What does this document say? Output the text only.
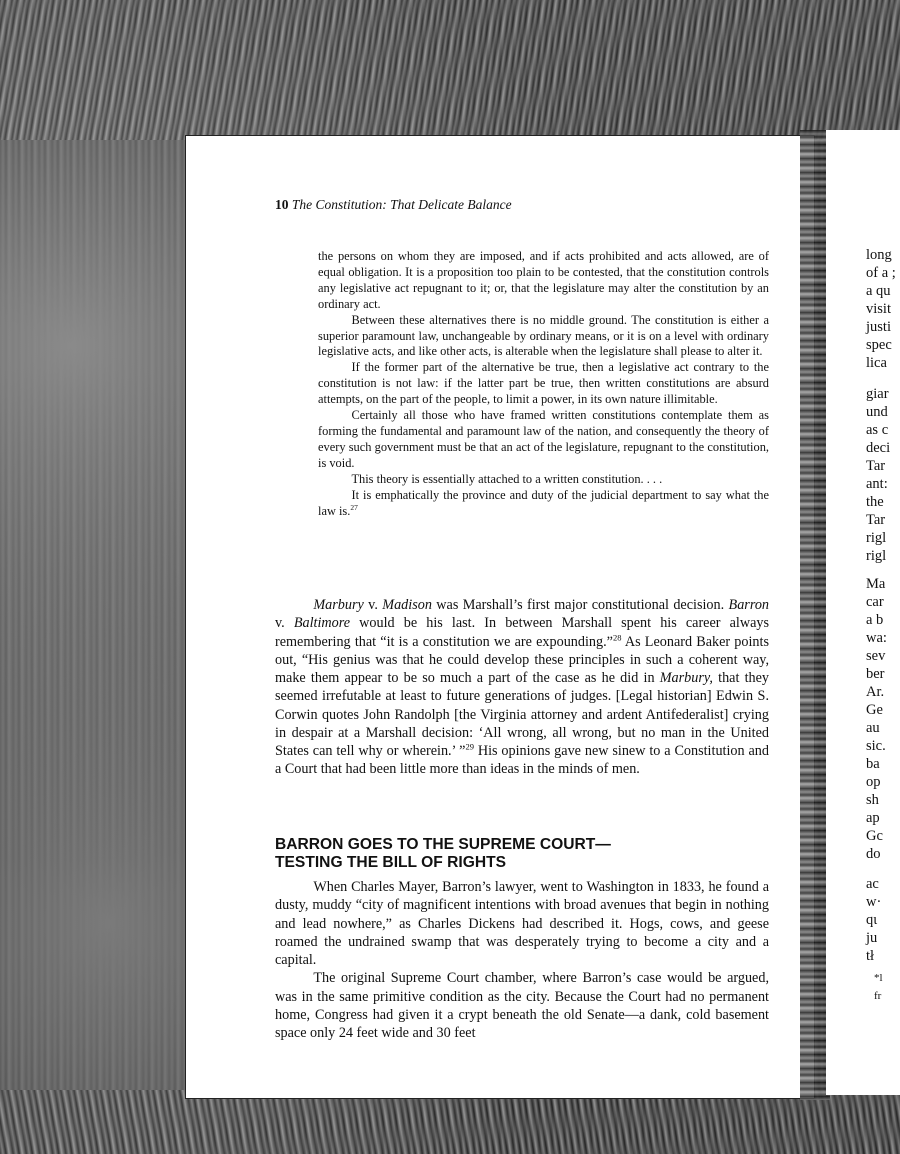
long
of a ;
a qu
visit
justi
spec
lica
giar
und
as c
deci
Tar
ant:
the
Tar
rigl
rigl
Ma
car
a b
wa:
sev
ber
Ar.
Ge
au
sic.
ba
op
sh
ap
Gc
do
ac
w·
qι
ju
tł
*l
fr
10 The Constitution: That Delicate Balance

the persons on whom they are imposed, and if acts prohibited and acts allowed, are of equal obligation. It is a proposition too plain to be contested, that the constitution controls any legislative act repugnant to it; or, that the legislature may alter the constitution by an ordinary act.

Between these alternatives there is no middle ground. The constitution is either a superior paramount law, unchangeable by ordinary means, or it is on a level with ordinary legislative acts, and like other acts, is alterable when the legislature shall please to alter it.

If the former part of the alternative be true, then a legislative act contrary to the constitution is not law: if the latter part be true, then written constitutions are absurd attempts, on the part of the people, to limit a power, in its own nature illimitable.

Certainly all those who have framed written constitutions contemplate them as forming the fundamental and paramount law of the nation, and consequently the theory of every such government must be that an act of the legislature, repugnant to the constitution, is void.

This theory is essentially attached to a written constitution. . . .

It is emphatically the province and duty of the judicial department to say what the law is.$^{27}$

Marbury v. Madison was Marshall’s first major constitutional decision. Barron v. Baltimore would be his last. In between Marshall spent his career always remembering that “it is a constitution we are expounding.”$^{28}$ As Leonard Baker points out, “His genius was that he could develop these principles in such a coherent way, make them appear to be so much a part of the case as he did in Marbury, that they seemed irrefutable at least to future generations of judges. [Legal historian] Edwin S. Corwin quotes John Randolph [the Virginia attorney and ardent Antifederalist] crying in despair at a Marshall decision: ‘All wrong, all wrong, but no man in the United States can tell why or wherein.’ ”$^{29}$ His opinions gave new sinew to a Constitution and a Court that had been little more than ideas in the minds of men.

BARRON GOES TO THE SUPREME COURT—
TESTING THE BILL OF RIGHTS

When Charles Mayer, Barron’s lawyer, went to Washington in 1833, he found a dusty, muddy “city of magnificent intentions with broad avenues that begin in nothing and lead nowhere,” as Charles Dickens had described it. Hogs, cows, and geese roamed the undrained swamp that was desperately trying to become a city and a capital.

The original Supreme Court chamber, where Barron’s case would be argued, was in the same primitive condition as the city. Because the Court had no permanent home, Congress had given it a crypt beneath the old Senate—a dank, cold basement space only 24 feet wide and 30 feet
